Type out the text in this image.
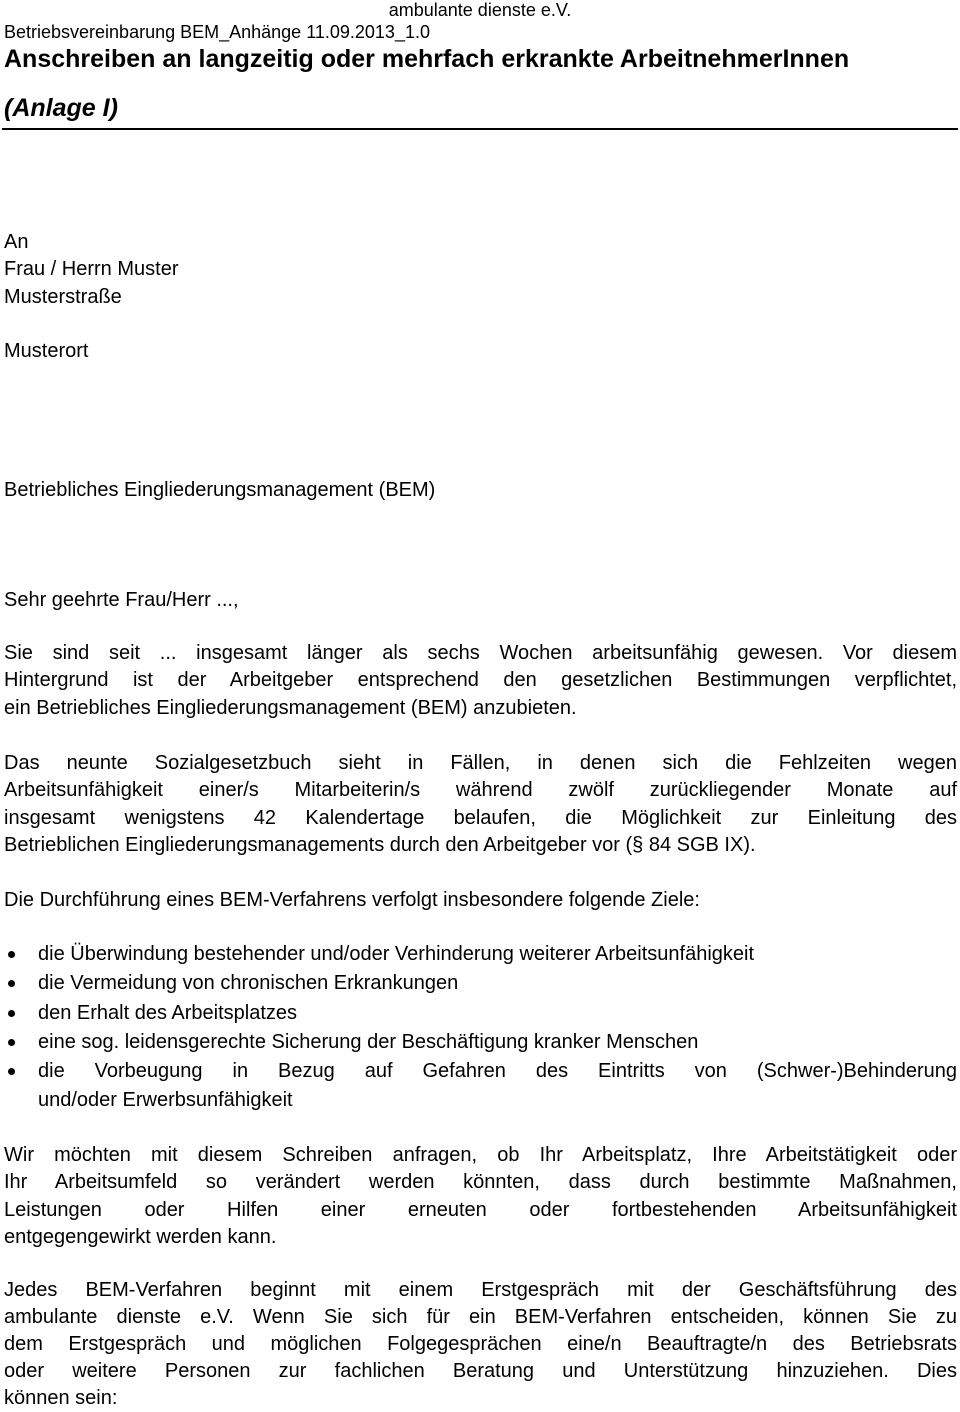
ambulante dienste e.V.
Betriebsvereinbarung BEM_Anhänge 11.09.2013_1.0
Anschreiben an langzeitig oder mehrfach erkrankte ArbeitnehmerInnen
(Anlage I)
An
Frau / Herrn Muster
Musterstraße
Musterort
Betriebliches Eingliederungsmanagement (BEM)
Sehr geehrte Frau/Herr ...,
Sie sind seit ... insgesamt länger als sechs Wochen arbeitsunfähig gewesen. Vor diesem
Hintergrund ist der Arbeitgeber entsprechend den gesetzlichen Bestimmungen verpflichtet,
ein Betriebliches Eingliederungsmanagement (BEM) anzubieten.
Das neunte Sozialgesetzbuch sieht in Fällen, in denen sich die Fehlzeiten wegen
Arbeitsunfähigkeit einer/s Mitarbeiterin/s während zwölf zurückliegender Monate auf
insgesamt wenigstens 42 Kalendertage belaufen, die Möglichkeit zur Einleitung des
Betrieblichen Eingliederungsmanagements durch den Arbeitgeber vor (§ 84 SGB IX).
Die Durchführung eines BEM-Verfahrens verfolgt insbesondere folgende Ziele:
die Überwindung bestehender und/oder Verhinderung weiterer Arbeitsunfähigkeit
die Vermeidung von chronischen Erkrankungen
den Erhalt des Arbeitsplatzes
eine sog. leidensgerechte Sicherung der Beschäftigung kranker Menschen
die Vorbeugung in Bezug auf Gefahren des Eintritts von (Schwer-)Behinderung
und/oder Erwerbsunfähigkeit
Wir möchten mit diesem Schreiben anfragen, ob Ihr Arbeitsplatz, Ihre Arbeitstätigkeit oder
Ihr Arbeitsumfeld so verändert werden könnten, dass durch bestimmte Maßnahmen,
Leistungen oder Hilfen einer erneuten oder fortbestehenden Arbeitsunfähigkeit
entgegengewirkt werden kann.
Jedes BEM-Verfahren beginnt mit einem Erstgespräch mit der Geschäftsführung des
ambulante dienste e.V. Wenn Sie sich für ein BEM-Verfahren entscheiden, können Sie zu
dem Erstgespräch und möglichen Folgegesprächen eine/n Beauftragte/n des Betriebsrats
oder weitere Personen zur fachlichen Beratung und Unterstützung hinzuziehen. Dies
können sein:
